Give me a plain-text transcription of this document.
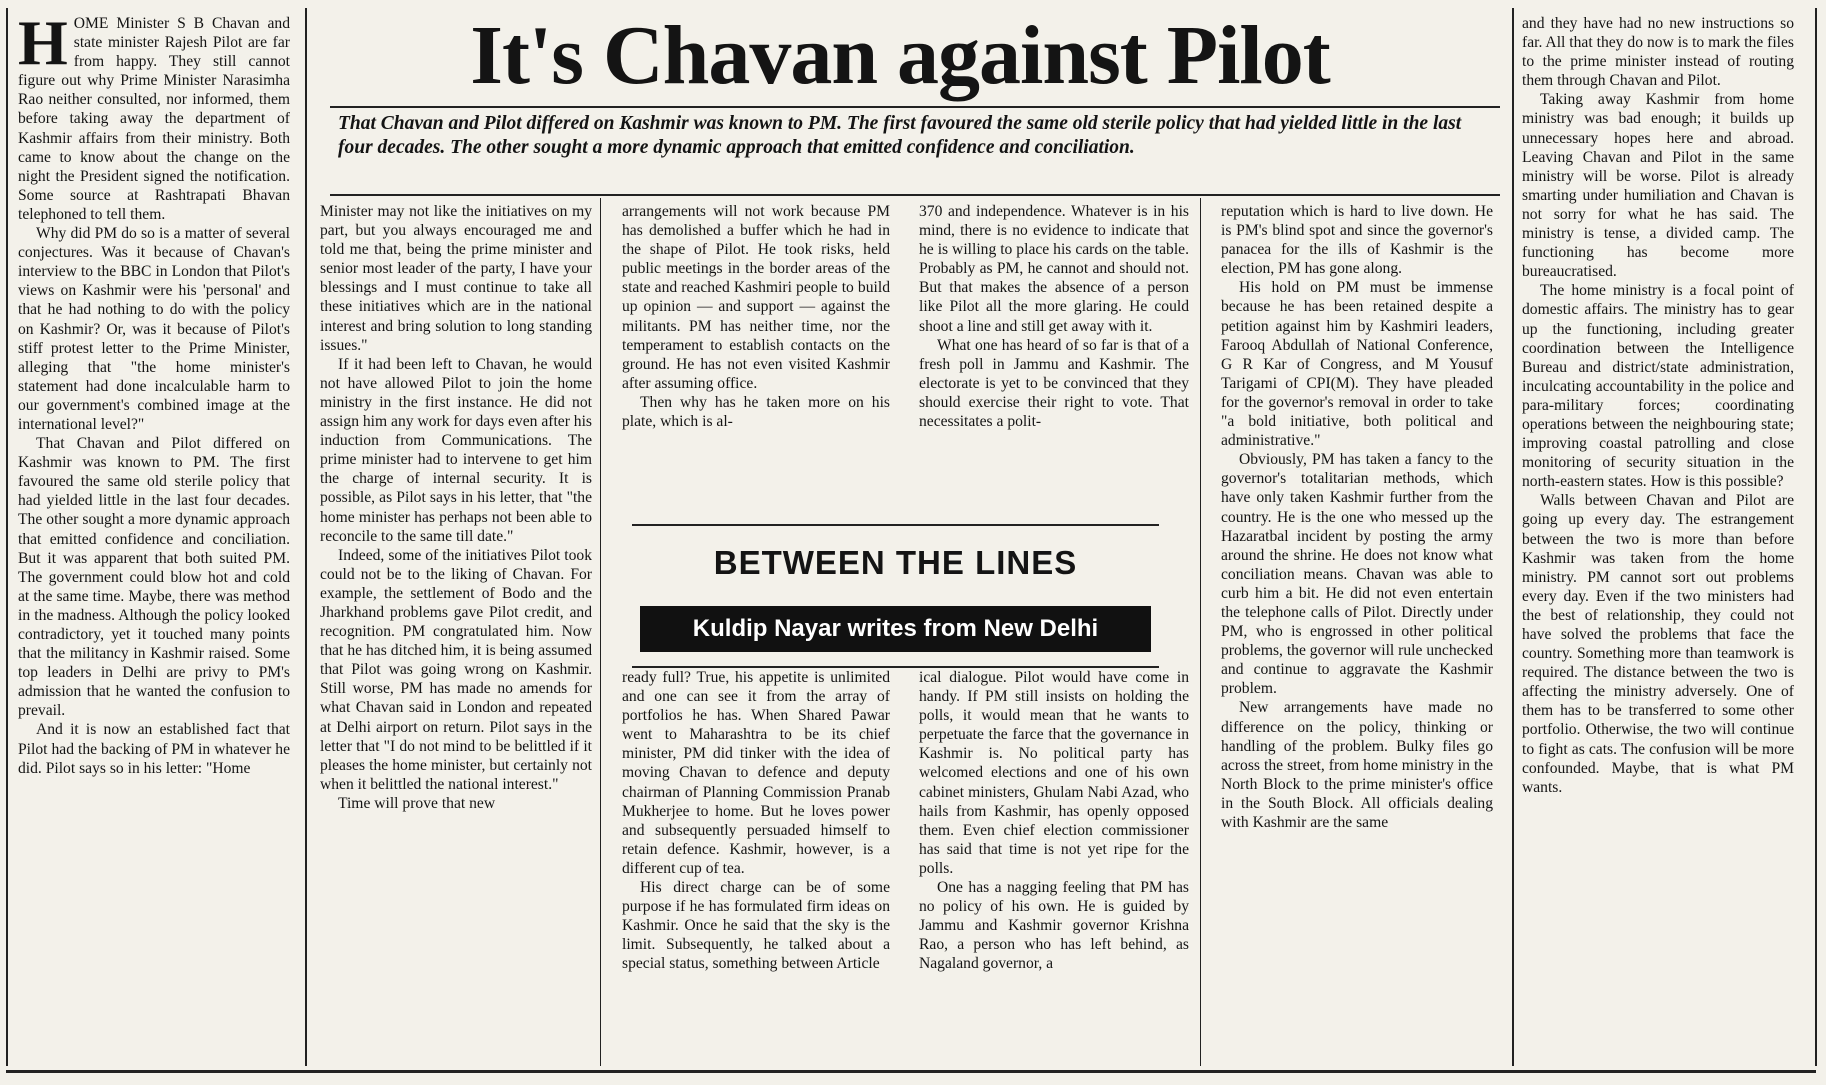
It's Chavan against Pilot
That Chavan and Pilot differed on Kashmir was known to PM. The first favoured the same old sterile policy that had yielded little in the last four decades. The other sought a more dynamic approach that emitted confidence and conciliation.

HOME Minister S B Chavan and state minister Rajesh Pilot are far from happy. They still cannot figure out why Prime Minister Narasimha Rao neither consulted, nor informed, them before taking away the department of Kashmir affairs from their ministry. Both came to know about the change on the night the President signed the notification. Some source at Rashtrapati Bhavan telephoned to tell them.

Why did PM do so is a matter of several conjectures. Was it because of Chavan's interview to the BBC in London that Pilot's views on Kashmir were his 'personal' and that he had nothing to do with the policy on Kashmir? Or, was it because of Pilot's stiff protest letter to the Prime Minister, alleging that "the home minister's statement had done incalculable harm to our government's combined image at the international level?"

That Chavan and Pilot differed on Kashmir was known to PM. The first favoured the same old sterile policy that had yielded little in the last four decades. The other sought a more dynamic approach that emitted confidence and conciliation. But it was apparent that both suited PM. The government could blow hot and cold at the same time. Maybe, there was method in the madness. Although the policy looked contradictory, yet it touched many points that the militancy in Kashmir raised. Some top leaders in Delhi are privy to PM's admission that he wanted the confusion to prevail.

And it is now an established fact that Pilot had the backing of PM in whatever he did. Pilot says so in his letter: "Home

Minister may not like the initiatives on my part, but you always encouraged me and told me that, being the prime minister and senior most leader of the party, I have your blessings and I must continue to take all these initiatives which are in the national interest and bring solution to long standing issues."

If it had been left to Chavan, he would not have allowed Pilot to join the home ministry in the first instance. He did not assign him any work for days even after his induction from Communications. The prime minister had to intervene to get him the charge of internal security. It is possible, as Pilot says in his letter, that "the home minister has perhaps not been able to reconcile to the same till date."

Indeed, some of the initiatives Pilot took could not be to the liking of Chavan. For example, the settlement of Bodo and the Jharkhand problems gave Pilot credit, and recognition. PM congratulated him. Now that he has ditched him, it is being assumed that Pilot was going wrong on Kashmir. Still worse, PM has made no amends for what Chavan said in London and repeated at Delhi airport on return. Pilot says in the letter that "I do not mind to be belittled if it pleases the home minister, but certainly not when it belittled the national interest."

Time will prove that new

arrangements will not work because PM has demolished a buffer which he had in the shape of Pilot. He took risks, held public meetings in the border areas of the state and reached Kashmiri people to build up opinion — and support — against the militants. PM has neither time, nor the temperament to establish contacts on the ground. He has not even visited Kashmir after assuming office.

Then why has he taken more on his plate, which is al-

370 and independence. Whatever is in his mind, there is no evidence to indicate that he is willing to place his cards on the table. Probably as PM, he cannot and should not. But that makes the absence of a person like Pilot all the more glaring. He could shoot a line and still get away with it.

What one has heard of so far is that of a fresh poll in Jammu and Kashmir. The electorate is yet to be convinced that they should exercise their right to vote. That necessitates a polit-

BETWEEN THE LINES
Kuldip Nayar writes from New Delhi

ready full? True, his appetite is unlimited and one can see it from the array of portfolios he has. When Shared Pawar went to Maharashtra to be its chief minister, PM did tinker with the idea of moving Chavan to defence and deputy chairman of Planning Commission Pranab Mukherjee to home. But he loves power and subsequently persuaded himself to retain defence. Kashmir, however, is a different cup of tea.

His direct charge can be of some purpose if he has formulated firm ideas on Kashmir. Once he said that the sky is the limit. Subsequently, he talked about a special status, something between Article

ical dialogue. Pilot would have come in handy. If PM still insists on holding the polls, it would mean that he wants to perpetuate the farce that the governance in Kashmir is. No political party has welcomed elections and one of his own cabinet ministers, Ghulam Nabi Azad, who hails from Kashmir, has openly opposed them. Even chief election commissioner has said that time is not yet ripe for the polls.

One has a nagging feeling that PM has no policy of his own. He is guided by Jammu and Kashmir governor Krishna Rao, a person who has left behind, as Nagaland governor, a

reputation which is hard to live down. He is PM's blind spot and since the governor's panacea for the ills of Kashmir is the election, PM has gone along.

His hold on PM must be immense because he has been retained despite a petition against him by Kashmiri leaders, Farooq Abdullah of National Conference, G R Kar of Congress, and M Yousuf Tarigami of CPI(M). They have pleaded for the governor's removal in order to take "a bold initiative, both political and administrative."

Obviously, PM has taken a fancy to the governor's totalitarian methods, which have only taken Kashmir further from the country. He is the one who messed up the Hazaratbal incident by posting the army around the shrine. He does not know what conciliation means. Chavan was able to curb him a bit. He did not even entertain the telephone calls of Pilot. Directly under PM, who is engrossed in other political problems, the governor will rule unchecked and continue to aggravate the Kashmir problem.

New arrangements have made no difference on the policy, thinking or handling of the problem. Bulky files go across the street, from home ministry in the North Block to the prime minister's office in the South Block. All officials dealing with Kashmir are the same

and they have had no new instructions so far. All that they do now is to mark the files to the prime minister instead of routing them through Chavan and Pilot.

Taking away Kashmir from home ministry was bad enough; it builds up unnecessary hopes here and abroad. Leaving Chavan and Pilot in the same ministry will be worse. Pilot is already smarting under humiliation and Chavan is not sorry for what he has said. The ministry is tense, a divided camp. The functioning has become more bureaucratised.

The home ministry is a focal point of domestic affairs. The ministry has to gear up the functioning, including greater coordination between the Intelligence Bureau and district/state administration, inculcating accountability in the police and para-military forces; coordinating operations between the neighbouring state; improving coastal patrolling and close monitoring of security situation in the north-eastern states. How is this possible?

Walls between Chavan and Pilot are going up every day. The estrangement between the two is more than before Kashmir was taken from the home ministry. PM cannot sort out problems every day. Even if the two ministers had the best of relationship, they could not have solved the problems that face the country. Something more than teamwork is required. The distance between the two is affecting the ministry adversely. One of them has to be transferred to some other portfolio. Otherwise, the two will continue to fight as cats. The confusion will be more confounded. Maybe, that is what PM wants.
